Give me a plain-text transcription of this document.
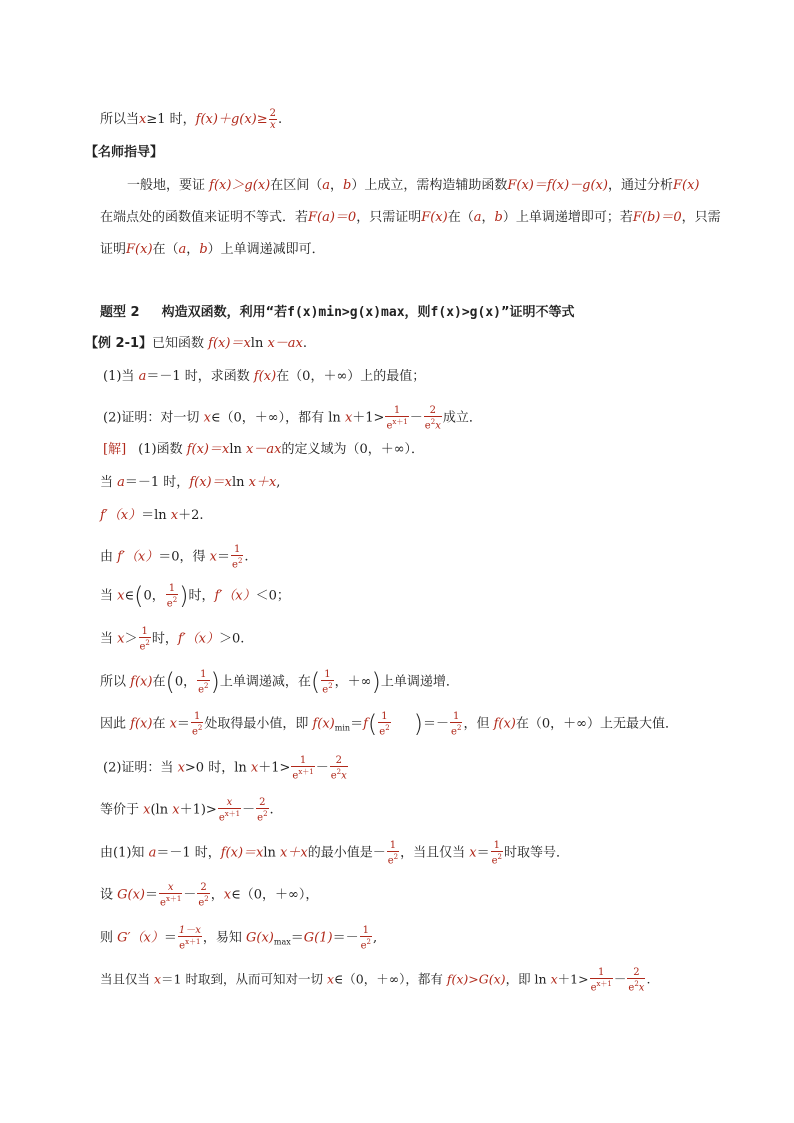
所以当x≥1 时，$f(x)+g(x)\ge \frac{2}{x}$ .
【名师指导】
一般地，要证 f(x)＞g(x)在区间（a，b）上成立，需构造辅助函数F(x)＝f(x)－g(x)，通过分析F(x)
在端点处的函数值来证明不等式．若F(a)＝0，只需证明F(x)在（a，b）上单调递增即可；若F(b)＝0，只需
证明F(x)在（a，b）上单调递减即可．
题型 2 构造双函数，利用“若f(x)min>g(x)max，则f(x)>g(x)”证明不等式
【例 2-1】已知函数 f(x)＝xln x－ax.
(1)当 a＝－1 时，求函数 f(x)在（0，＋∞）上的最值；
(2)证明：对一切 x∈（0，＋∞），都有 $\ln x+1> \frac{1}{e^{x+1}} - \frac{2}{e^2x}$ 成立．
[解] (1)函数 f(x)＝xln x－ax的定义域为（0，＋∞）．
当 a＝－1 时，f(x)＝xln x＋x,
f′（x）＝ln x＋2.
由 f′（x）＝0，得 $x= \frac{1}{e^2}$ .
当 x∈(0， $\frac{1}{e^2}$ )时，f′（x）＜0；
当 $x> \frac{1}{e^2}$ 时，f′（x）＞0.
所以 f(x)在(0， $\frac{1}{e^2}$ )上单调递减，在( $\frac{1}{e^2}$ ，＋∞)上单调递增．
因此 f(x)在 $x= \frac{1}{e^2}$ 处取得最小值，即 $f(x)_{min}=f( \frac{1}{e^2}$ )＝－ $\frac{1}{e^2}$ ，但 f(x)在（0，＋∞）上无最大值．
(2)证明：当 x>0 时，$\ln x+1> \frac{1}{e^{x+1}} - \frac{2}{e^2x}$
等价于 x(ln $x+1)> \frac{x}{e^{x+1}} - \frac{2}{e^2}$ .
由(1)知 a＝－1 时，f(x)＝xln x＋x的最小值是－ $\frac{1}{e^2}$ ，当且仅当 $x= \frac{1}{e^2}$ 时取等号．
设 $G(x)= \frac{x}{e^{x+1}} - \frac{2}{e^2}$ ，x∈（0，＋∞），
则 $G'(x)= \frac{1-x}{e^{x+1}}$ ，易知 $G(x)_{max}=G(1)=- \frac{1}{e^2}$ ,
当且仅当 x＝1 时取到，从而可知对一切 x∈（0，＋∞），都有 f(x)>G(x)，即 $\ln x+1> \frac{1}{e^{x+1}} - \frac{2}{e^2x}$ .
